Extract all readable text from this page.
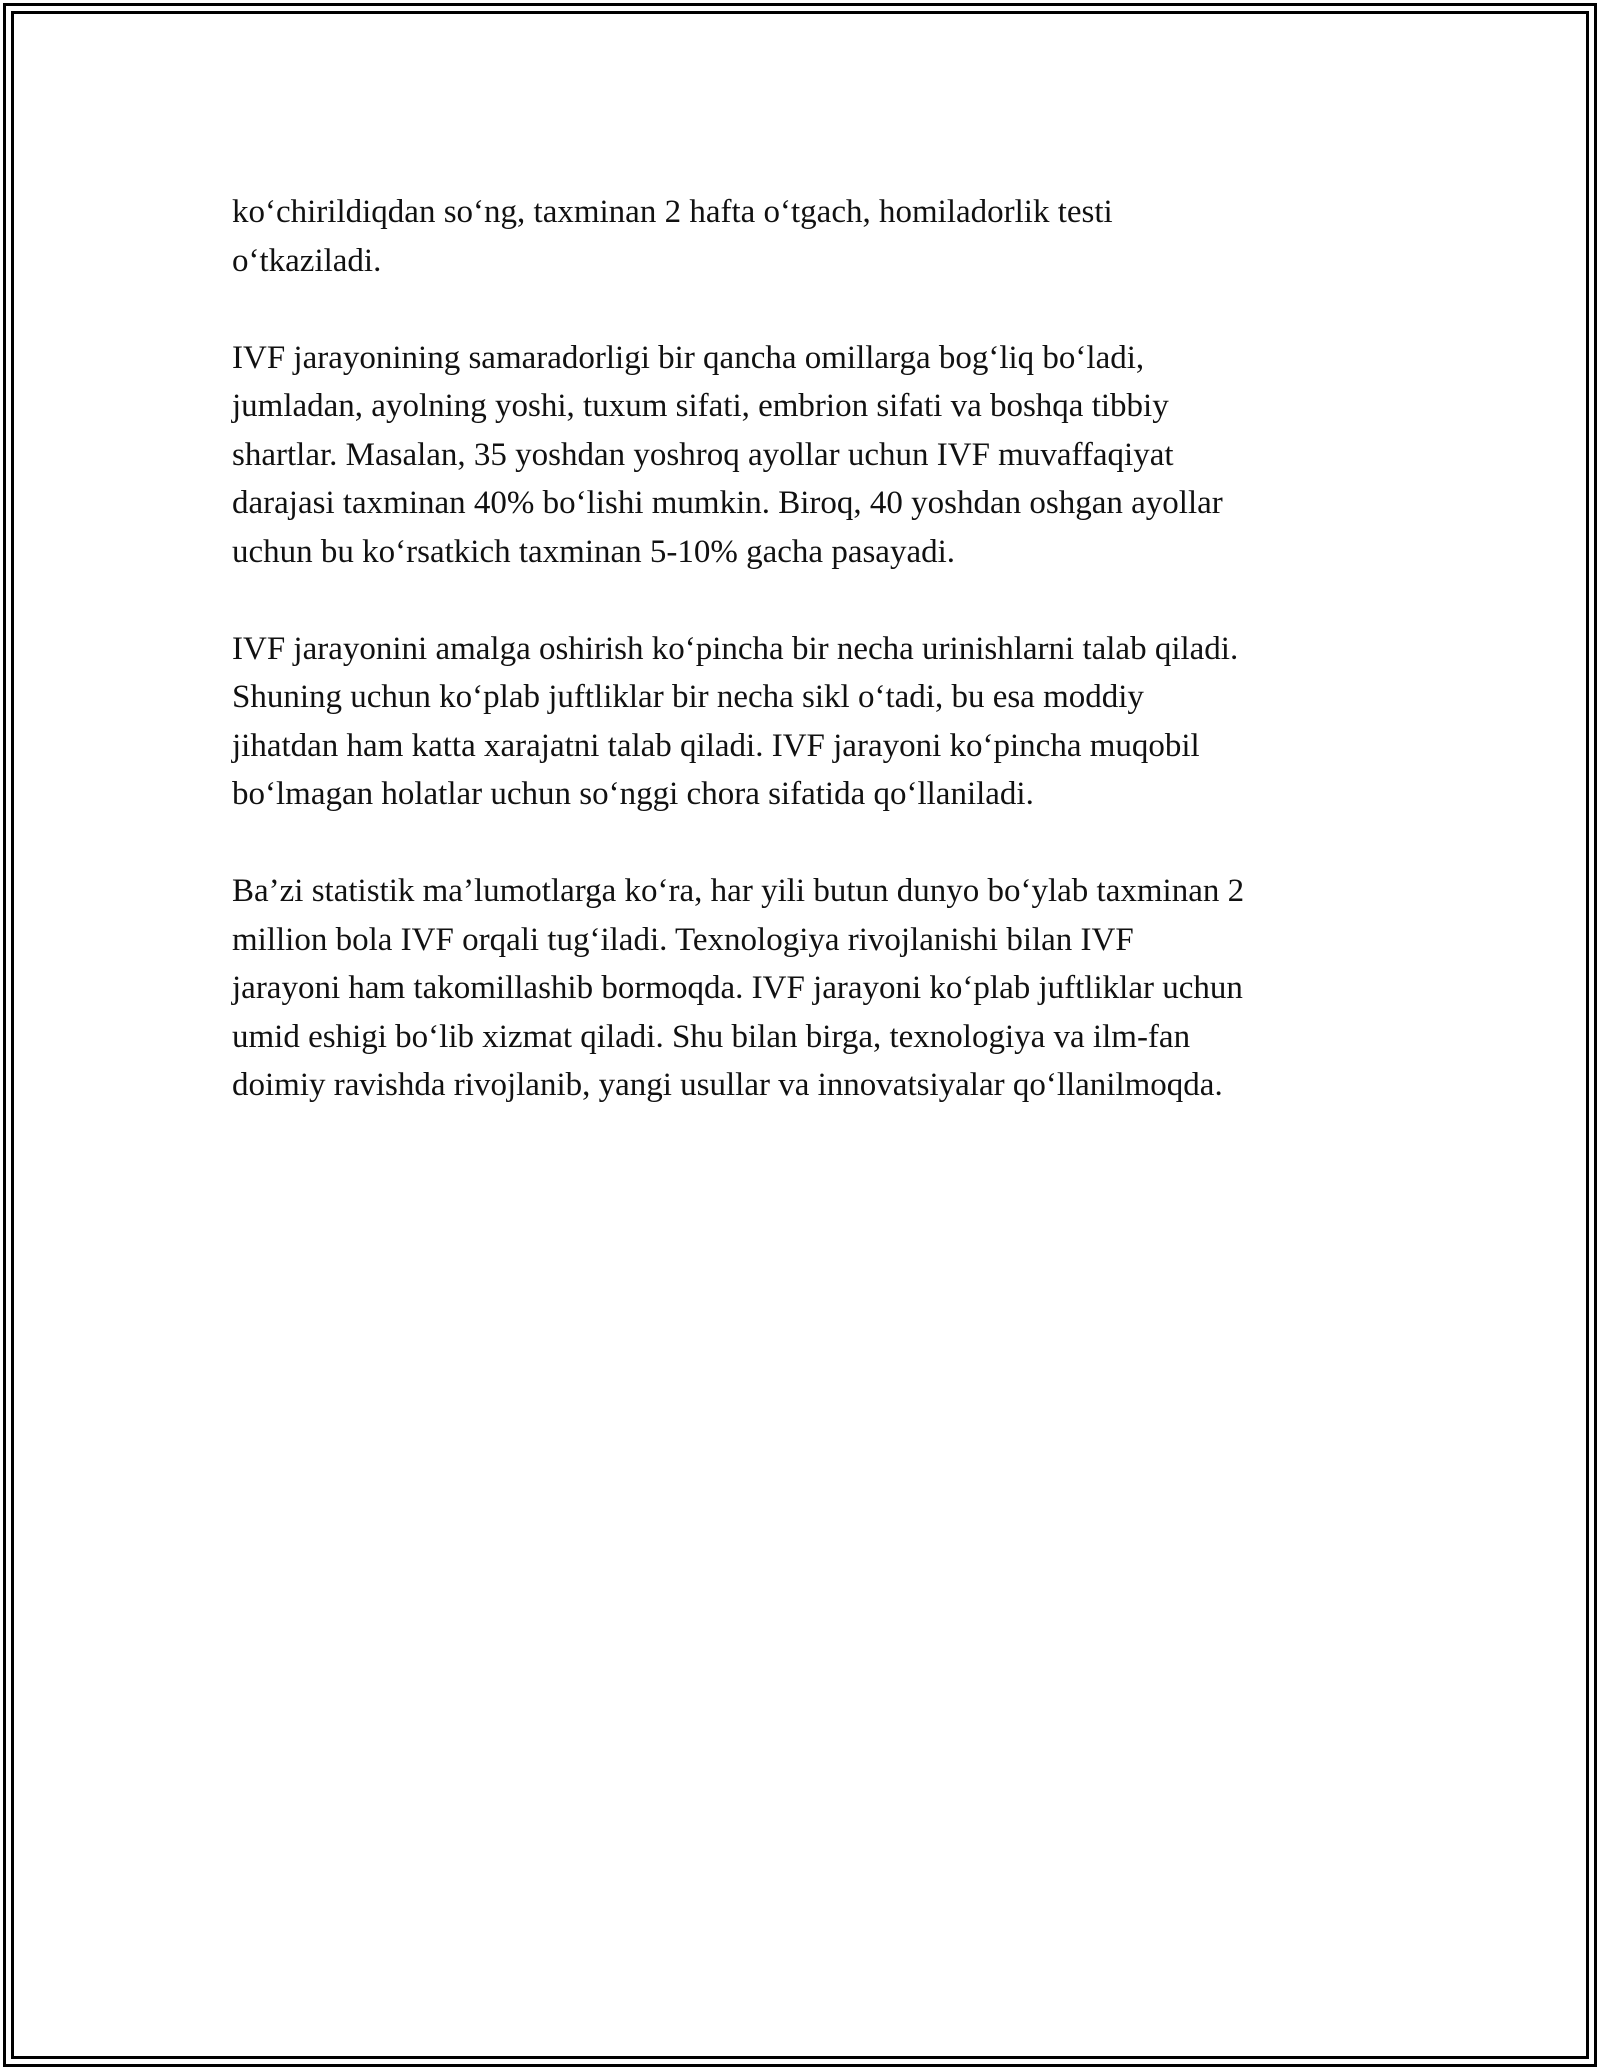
ko‘chirildiqdan so‘ng, taxminan 2 hafta o‘tgach, homiladorlik testi
o‘tkaziladi.

IVF jarayonining samaradorligi bir qancha omillarga bog‘liq bo‘ladi,
jumladan, ayolning yoshi, tuxum sifati, embrion sifati va boshqa tibbiy
shartlar. Masalan, 35 yoshdan yoshroq ayollar uchun IVF muvaffaqiyat
darajasi taxminan 40% bo‘lishi mumkin. Biroq, 40 yoshdan oshgan ayollar
uchun bu ko‘rsatkich taxminan 5-10% gacha pasayadi.

IVF jarayonini amalga oshirish ko‘pincha bir necha urinishlarni talab qiladi.
Shuning uchun ko‘plab juftliklar bir necha sikl o‘tadi, bu esa moddiy
jihatdan ham katta xarajatni talab qiladi. IVF jarayoni ko‘pincha muqobil
bo‘lmagan holatlar uchun so‘nggi chora sifatida qo‘llaniladi.

Ba’zi statistik ma’lumotlarga ko‘ra, har yili butun dunyo bo‘ylab taxminan 2
million bola IVF orqali tug‘iladi. Texnologiya rivojlanishi bilan IVF
jarayoni ham takomillashib bormoqda. IVF jarayoni ko‘plab juftliklar uchun
umid eshigi bo‘lib xizmat qiladi. Shu bilan birga, texnologiya va ilm-fan
doimiy ravishda rivojlanib, yangi usullar va innovatsiyalar qo‘llanilmoqda.
